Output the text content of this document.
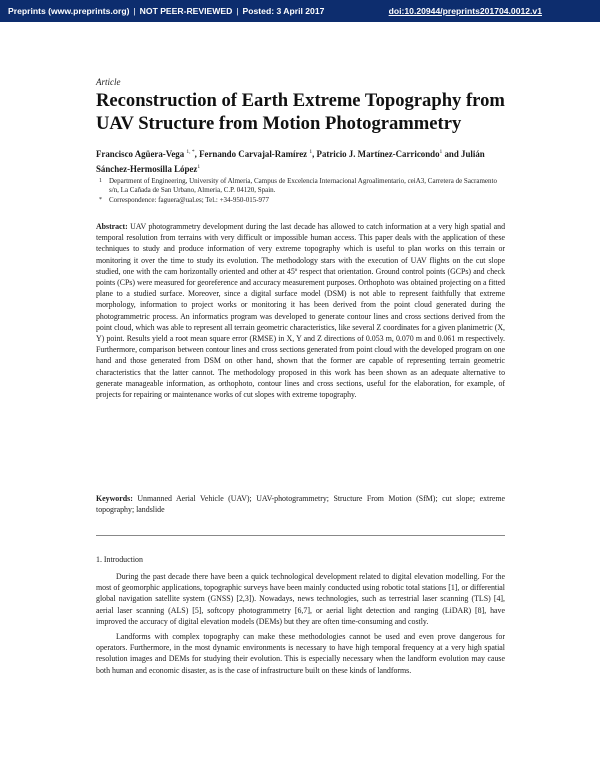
Preprints (www.preprints.org) | NOT PEER-REVIEWED | Posted: 3 April 2017	doi:10.20944/preprints201704.0012.v1
Article
Reconstruction of Earth Extreme Topography from UAV Structure from Motion Photogrammetry
Francisco Agüera-Vega $^{1, *}$, Fernando Carvajal-Ramírez $^1$, Patricio J. Martínez-Carricondo$^1$ and Julián Sánchez-Hermosilla López$^1$
1 Department of Engineering, University of Almeria, Campus de Excelencia Internacional Agroalimentario, ceiA3, Carretera de Sacramento s/n, La Cañada de San Urbano, Almeria, C.P. 04120, Spain.
* Correspondence: faguera@ual.es; Tel.: +34-950-015-977
Abstract: UAV photogrammetry development during the last decade has allowed to catch information at a very high spatial and temporal resolution from terrains with very difficult or impossible human access. This paper deals with the application of these techniques to study and produce information of very extreme topography which is useful to plan works on this terrain or monitoring it over the time to study its evolution. The methodology stars with the execution of UAV flights on the cut slope studied, one with the cam horizontally oriented and other at 45º respect that orientation. Ground control points (GCPs) and check points (CPs) were measured for georeference and accuracy measurement purposes. Orthophoto was obtained projecting on a fitted plane to a studied surface. Moreover, since a digital surface model (DSM) is not able to represent faithfully that extreme morphology, information to project works or monitoring it has been derived from the point cloud generated during the photogrammetric process. An informatics program was developed to generate contour lines and cross sections derived from the point cloud, which was able to represent all terrain geometric characteristics, like several Z coordinates for a given planimetric (X, Y) point. Results yield a root mean square error (RMSE) in X, Y and Z directions of 0.053 m, 0.070 m and 0.061 m respectively. Furthermore, comparison between contour lines and cross sections generated from point cloud with the developed program on one hand and those generated from DSM on other hand, shown that the former are capable of representing terrain geometric characteristics that the latter cannot. The methodology proposed in this work has been shown as an adequate alternative to generate manageable information, as orthophoto, contour lines and cross sections, useful for the elaboration, for example, of projects for repairing or maintenance works of cut slopes with extreme topography.
Keywords: Unmanned Aerial Vehicle (UAV); UAV-photogrammetry; Structure From Motion (SfM); cut slope; extreme topography; landslide
1. Introduction

During the past decade there have been a quick technological development related to digital elevation modelling. For the most of geomorphic applications, topographic surveys have been mainly conducted using robotic total stations [1], or differential global navigation satellite system (GNSS) [2,3]). Nowadays, news technologies, such as terrestrial laser scanning (TLS) [4], aerial laser scanning (ALS) [5], softcopy photogrammetry [6,7], or aerial light detection and ranging (LiDAR) [8], have improved the accuracy of digital elevation models (DEMs) but they are often time-consuming and costly.

Landforms with complex topography can make these methodologies cannot be used and even prove dangerous for operators. Furthermore, in the most dynamic environments is necessary to have high temporal frequency at a very high spatial resolution images and DEMs for studying their evolution. This is especially necessary when the landform evolution may cause both human and economic disaster, as is the case of infrastructure built on these kinds of landforms.
